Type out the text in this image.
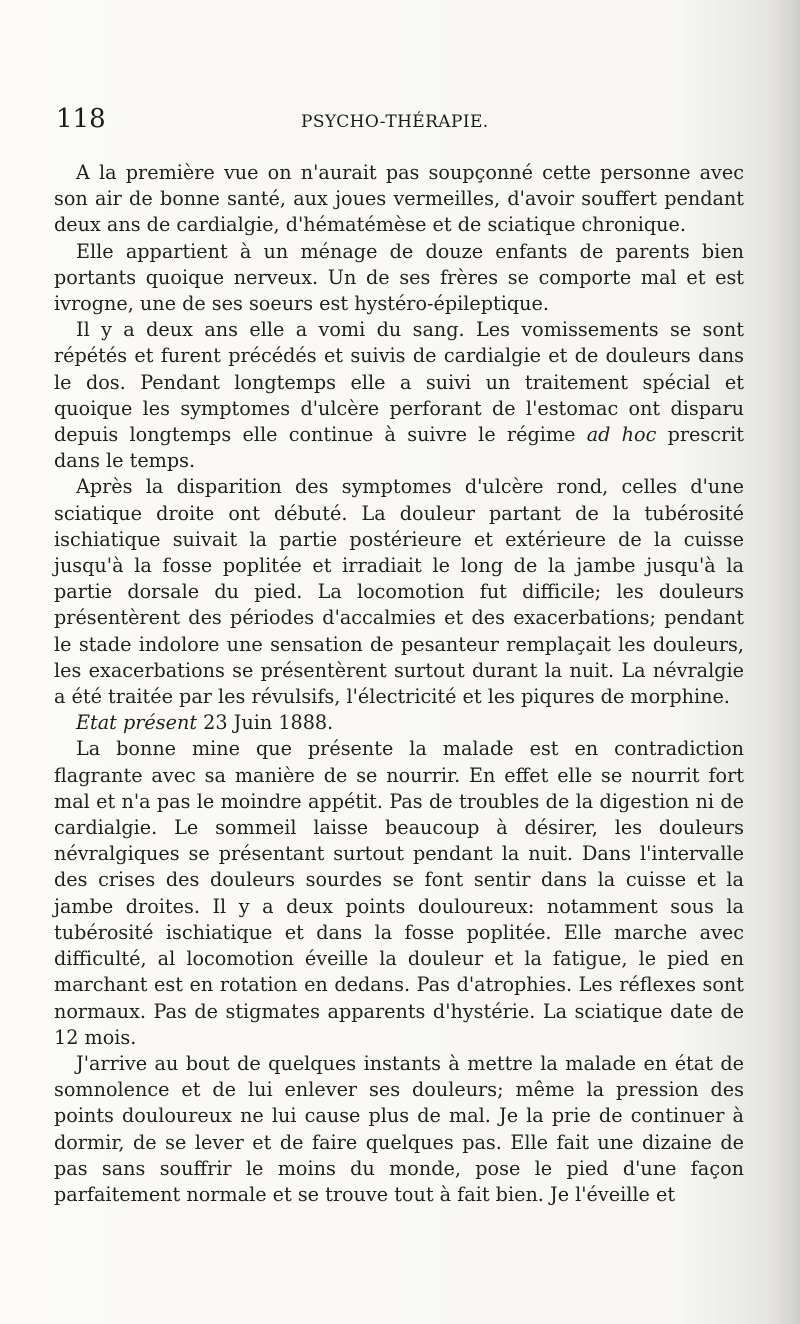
118	PSYCHO-THÉRAPIE.

A la première vue on n'aurait pas soupçonné cette personne avec son air de bonne santé, aux joues vermeilles, d'avoir souffert pendant deux ans de cardialgie, d'hématémèse et de sciatique chronique.

Elle appartient à un ménage de douze enfants de parents bien portants quoique nerveux. Un de ses frères se comporte mal et est ivrogne, une de ses soeurs est hystéro-épileptique.

Il y a deux ans elle a vomi du sang. Les vomissements se sont répétés et furent précédés et suivis de cardialgie et de douleurs dans le dos. Pendant longtemps elle a suivi un traitement spécial et quoique les symptomes d'ulcère perforant de l'estomac ont disparu depuis longtemps elle continue à suivre le régime ad hoc prescrit dans le temps.

Après la disparition des symptomes d'ulcère rond, celles d'une sciatique droite ont débuté. La douleur partant de la tubérosité ischiatique suivait la partie postérieure et extérieure de la cuisse jusqu'à la fosse poplitée et irradiait le long de la jambe jusqu'à la partie dorsale du pied. La locomotion fut difficile; les douleurs présentèrent des périodes d'accalmies et des exacerbations; pendant le stade indolore une sensation de pesanteur remplaçait les douleurs, les exacerbations se présentèrent surtout durant la nuit. La névralgie a été traitée par les révulsifs, l'électricité et les piqures de morphine.

Etat présent 23 Juin 1888.

La bonne mine que présente la malade est en contradiction flagrante avec sa manière de se nourrir. En effet elle se nourrit fort mal et n'a pas le moindre appétit. Pas de troubles de la digestion ni de cardialgie. Le sommeil laisse beaucoup à désirer, les douleurs névralgiques se présentant surtout pendant la nuit. Dans l'intervalle des crises des douleurs sourdes se font sentir dans la cuisse et la jambe droites. Il y a deux points douloureux: notamment sous la tubérosité ischiatique et dans la fosse poplitée. Elle marche avec difficulté, al locomotion éveille la douleur et la fatigue, le pied en marchant est en rotation en dedans. Pas d'atrophies. Les réflexes sont normaux. Pas de stigmates apparents d'hystérie. La sciatique date de 12 mois.

J'arrive au bout de quelques instants à mettre la malade en état de somnolence et de lui enlever ses douleurs; même la pression des points douloureux ne lui cause plus de mal. Je la prie de continuer à dormir, de se lever et de faire quelques pas. Elle fait une dizaine de pas sans souffrir le moins du monde, pose le pied d'une façon parfaitement normale et se trouve tout à fait bien. Je l'éveille et
